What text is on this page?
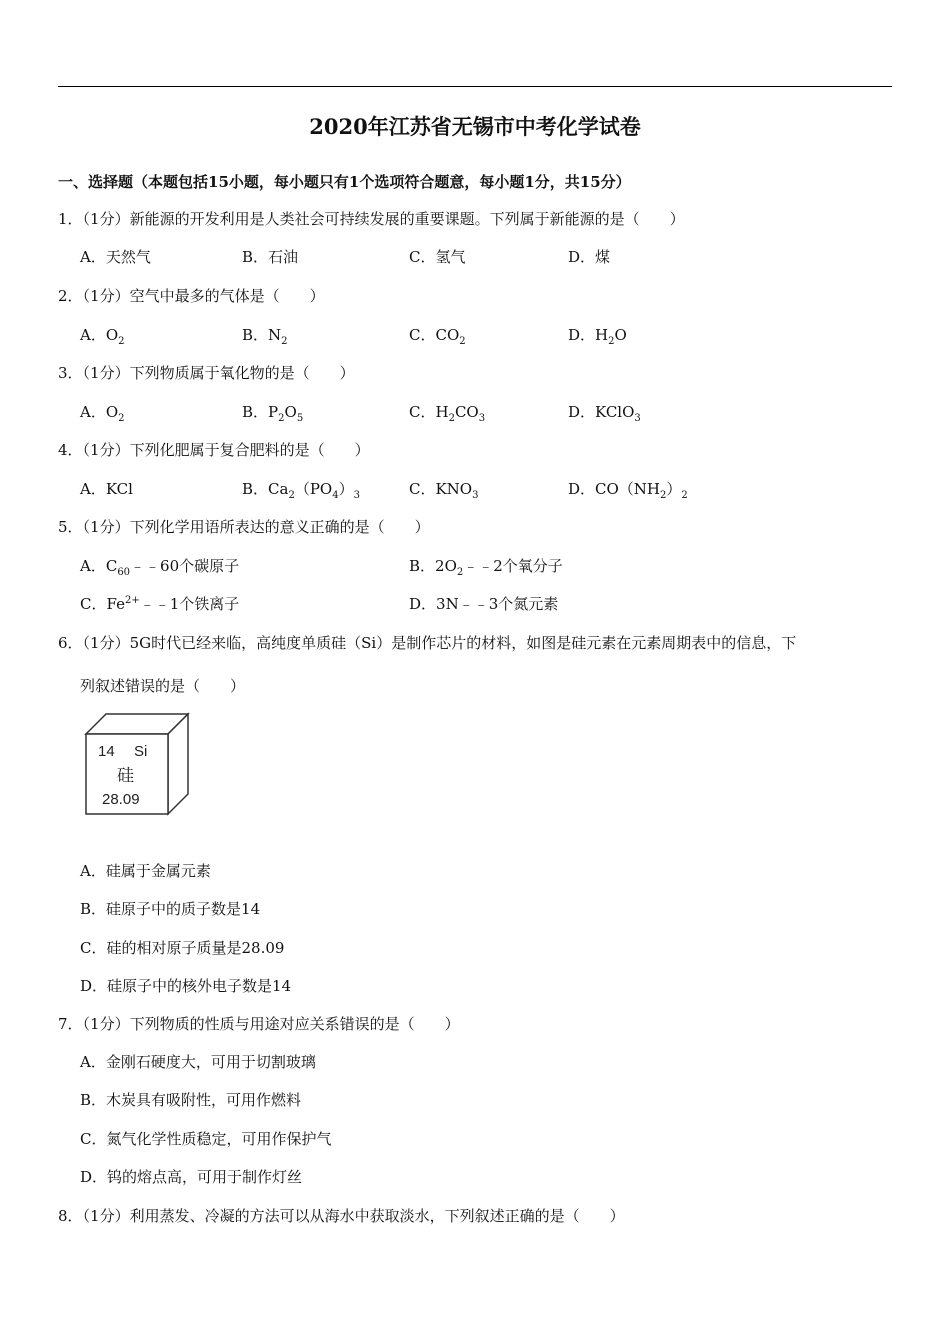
2020年江苏省无锡市中考化学试卷
一、选择题（本题包括15小题，每小题只有1个选项符合题意，每小题1分，共15分）
1．（1分）新能源的开发利用是人类社会可持续发展的重要课题。下列属于新能源的是（　　）
A．天然气	B．石油	C．氢气	D．煤
2．（1分）空气中最多的气体是（　　）
A．$O_2$	B．$N_2$	C．$CO_2$	D．$H_2O$
3．（1分）下列物质属于氧化物的是（　　）
A．$O_2$	B．$P_2O_5$	C．$H_2CO_3$	D．KClO$_3$
4．（1分）下列化肥属于复合肥料的是（　　）
A．KCl	B．$Ca_2(PO_4)_3$	C．$KNO_3$	D．$CO(NH_2)_2$
5．（1分）下列化学用语所表达的意义正确的是（　　）
A．$C_{60}﹣﹣60$个碳原子	B．$2O_2﹣﹣2$个氧分子
C．$Fe^{2+}﹣﹣1$个铁离子	D．3N﹣﹣3个氮元素
6．（1分）5G时代已经来临，高纯度单质硅（Si）是制作芯片的材料，如图是硅元素在元素周期表中的信息，下
列叙述错误的是（　　）
14 Si
硅
28.09
A．硅属于金属元素
B．硅原子中的质子数是14
C．硅的相对原子质量是28.09
D．硅原子中的核外电子数是14
7．（1分）下列物质的性质与用途对应关系错误的是（　　）
A．金刚石硬度大，可用于切割玻璃
B．木炭具有吸附性，可用作燃料
C．氮气化学性质稳定，可用作保护气
D．钨的熔点高，可用于制作灯丝
8．（1分）利用蒸发、冷凝的方法可以从海水中获取淡水，下列叙述正确的是（　　）
